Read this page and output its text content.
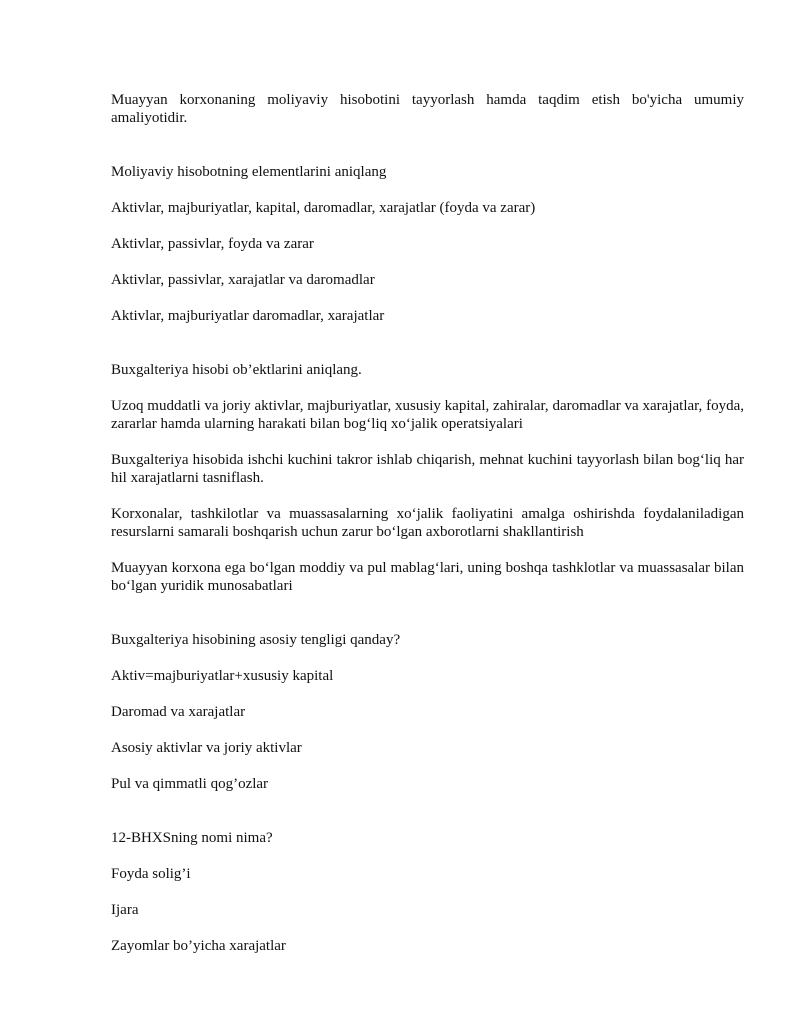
Muayyan korxonaning moliyaviy hisobotini tayyorlash hamda taqdim etish bo'yicha umumiy amaliyotidir.

Moliyaviy hisobotning elementlarini aniqlang

Aktivlar, majburiyatlar, kapital, daromadlar, xarajatlar (foyda va zarar)

Aktivlar, passivlar, foyda va zarar

Aktivlar, passivlar, xarajatlar va daromadlar

Aktivlar, majburiyatlar daromadlar, xarajatlar

Buxgalteriya hisobi ob’ektlarini aniqlang.

Uzoq muddatli va joriy aktivlar, majburiyatlar, xususiy kapital, zahiralar, daromadlar va xarajatlar, foyda, zararlar hamda ularning harakati bilan bog‘liq xo‘jalik operatsiyalari

Buxgalteriya hisobida ishchi kuchini takror ishlab chiqarish, mehnat kuchini tayyorlash bilan bog‘liq har hil xarajatlarni tasniflash.

Korxonalar, tashkilotlar va muassasalarning xo‘jalik faoliyatini amalga oshirishda foydalaniladigan resurslarni samarali boshqarish uchun zarur bo‘lgan axborotlarni shakllantirish

Muayyan korxona ega bo‘lgan moddiy va pul mablag‘lari, uning boshqa tashklotlar va muassasalar bilan bo‘lgan yuridik munosabatlari

Buxgalteriya hisobining asosiy tengligi qanday?

Aktiv=majburiyatlar+xususiy kapital

Daromad va xarajatlar

Asosiy aktivlar va joriy aktivlar

Pul va qimmatli qog’ozlar

12-BHXSning nomi nima?

Foyda solig’i

Ijara

Zayomlar bo’yicha xarajatlar
